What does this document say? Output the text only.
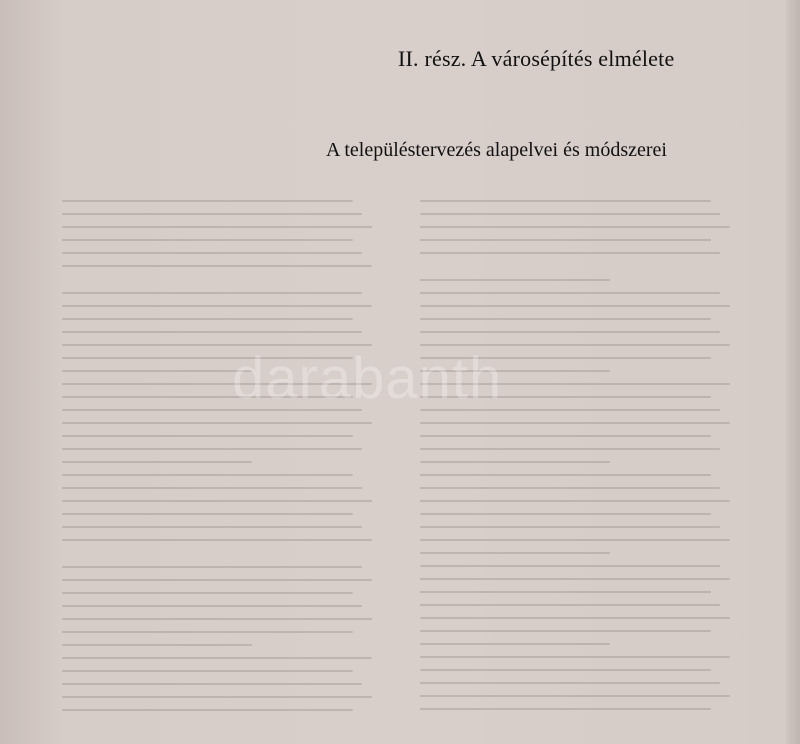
II. rész. A városépítés elmélete
A településtervezés alapelvei és módszerei
darabanth
